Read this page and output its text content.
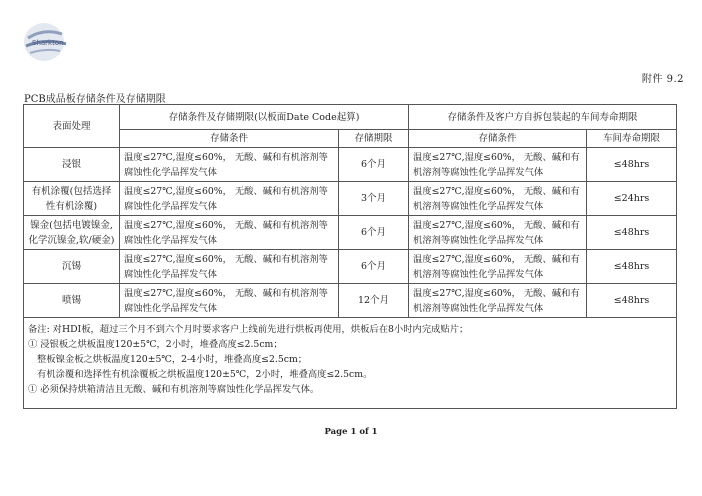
Sharkton
附件 9.2
PCB成品板存储条件及存储期限
表面处理	存储条件及存储期限(以板面Date Code起算)		存储条件及客户方自拆包装起的车间寿命期限	
	存储条件	存储期限	存储条件	车间寿命期限
浸银	温度≤27℃,湿度≤60%， 无酸、碱和有机溶剂等腐蚀性化学品挥发气体	6个月	温度≤27℃,湿度≤60%， 无酸、碱和有机溶剂等腐蚀性化学品挥发气体	≤48hrs
有机涂覆(包括选择性有机涂覆)	温度≤27℃,湿度≤60%， 无酸、碱和有机溶剂等腐蚀性化学品挥发气体	3个月	温度≤27℃,湿度≤60%， 无酸、碱和有机溶剂等腐蚀性化学品挥发气体	≤24hrs
镍金(包括电镀镍金,化学沉镍金,软/硬金)	温度≤27℃,湿度≤60%， 无酸、碱和有机溶剂等腐蚀性化学品挥发气体	6个月	温度≤27℃,湿度≤60%， 无酸、碱和有机溶剂等腐蚀性化学品挥发气体	≤48hrs
沉锡	温度≤27℃,湿度≤60%， 无酸、碱和有机溶剂等腐蚀性化学品挥发气体	6个月	温度≤27℃,湿度≤60%， 无酸、碱和有机溶剂等腐蚀性化学品挥发气体	≤48hrs
喷锡	温度≤27℃,湿度≤60%， 无酸、碱和有机溶剂等腐蚀性化学品挥发气体	12个月	温度≤27℃,湿度≤60%， 无酸、碱和有机溶剂等腐蚀性化学品挥发气体	≤48hrs

备注: 对HDI板，超过三个月不到六个月时要求客户上线前先进行烘板再使用，烘板后在8小时内完成贴片；
① 浸银板之烘板温度120±5℃，2小时，堆叠高度≤2.5cm；
整板镍金板之烘板温度120±5℃，2-4小时，堆叠高度≤2.5cm；
有机涂覆和选择性有机涂覆板之烘板温度120±5℃，2小时，堆叠高度≤2.5cm。
① 必须保持烘箱清洁且无酸、碱和有机溶剂等腐蚀性化学品挥发气体。				
Page 1 of 1
